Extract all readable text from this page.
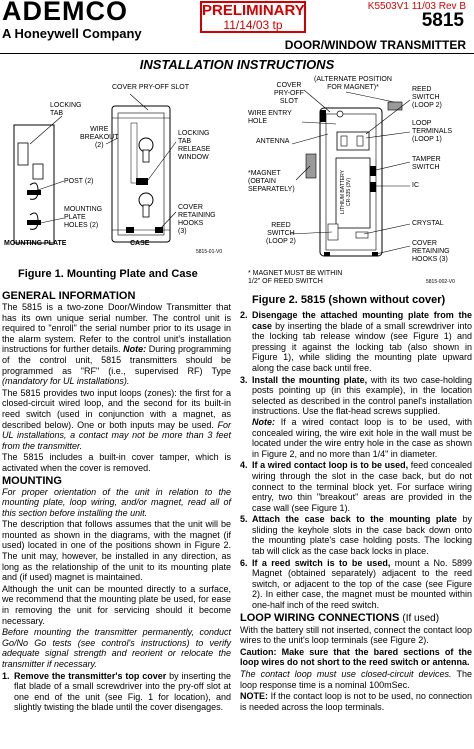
ADEMCO
A Honeywell Company
PRELIMINARY
11/14/03 tp
K5503V1 11/03 Rev B
5815
DOOR/WINDOW TRANSMITTER
INSTALLATION INSTRUCTIONS
COVER PRY-OFF SLOT
LOCKING
TAB
WIRE
BREAKOUT
(2)
LOCKING
TAB
RELEASE
WINDOW
POST (2)
MOUNTING
PLATE
HOLES (2)
COVER
RETAINING
HOOKS
(3)
MOUNTING PLATE	CASE
5815-01-V0
Figure 1. Mounting Plate and Case
LITHIUM BATTERY
CR-335 (3V)
(ALTERNATE POSITION
FOR MAGNET)*
COVER
PRY-OFF
SLOT
WIRE ENTRY
HOLE
ANTENNA
*MAGNET
(OBTAIN
SEPARATELY)
REED
SWITCH
(LOOP 2)
REED
SWITCH
(LOOP 2)
LOOP
TERMINALS
(LOOP 1)
TAMPER
SWITCH
IC
CRYSTAL
COVER
RETAINING
HOOKS (3)
* MAGNET MUST BE WITHIN
1/2" OF REED SWITCH	5815-002-V0
Figure 2. 5815 (shown without cover)
GENERAL INFORMATION

The 5815 is a two-zone Door/Window Transmitter that has its own unique serial number. The control unit is required to "enroll" the serial number prior to its usage in the alarm system. Refer to the control unit's installation instructions for further details. Note: During programming of the control unit, 5815 transmitters should be programmed as "RF" (i.e., supervised RF) Type (mandatory for UL installations).

The 5815 provides two input loops (zones): the first for a closed-circuit wired loop, and the second for its built-in reed switch (used in conjunction with a magnet, as described below). One or both inputs may be used. For UL installations, a contact may not be more than 3 feet from the transmitter.

The 5815 includes a built-in cover tamper, which is activated when the cover is removed.

MOUNTING

For proper orientation of the unit in relation to the mounting plate, loop wiring, and/or magnet, read all of this section before installing the unit.

The description that follows assumes that the unit will be mounted as shown in the diagrams, with the magnet (if used) located in one of the positions shown in Figure 2. The unit may, however, be installed in any direction, as long as the relationship of the unit to its mounting plate and (if used) magnet is maintained.

Although the unit can be mounted directly to a surface, we recommend that the mounting plate be used, for ease in removing the unit for servicing should it become necessary.

Before mounting the transmitter permanently, conduct Go/No Go tests (see control's instructions) to verify adequate signal strength and reorient or relocate the transmitter if necessary.

1. Remove the transmitter's top cover by inserting the flat blade of a small screwdriver into the pry-off slot at one end of the unit (see Fig. 1 for location), and slightly twisting the blade until the cover disengages.
2. Disengage the attached mounting plate from the case by inserting the blade of a small screwdriver into the locking tab release window (see Figure 1) and pressing it against the locking tab (also shown in Figure 1), while sliding the mounting plate upward along the case back until free.
3. Install the mounting plate, with its two case-holding posts pointing up (in this example), in the location selected as described in the control panel's installation instructions. Use the flat-head screws supplied.
Note: If a wired contact loop is to be used, with concealed wiring, the wire exit hole in the wall must be located under the wire entry hole in the case as shown in Figure 2, and no more than 1/4" in diameter.
4. If a wired contact loop is to be used, feed concealed wiring through the slot in the case back, but do not connect to the terminal block yet. For surface wiring entry, two thin "breakout" areas are provided in the case wall (see Figure 1).
5. Attach the case back to the mounting plate by sliding the keyhole slots in the case back down onto the mounting plate's case holding posts. The locking tab will click as the case back locks in place.
6. If a reed switch is to be used, mount a No. 5899 Magnet (obtained separately) adjacent to the reed switch, or adjacent to the top of the case (see Figure 2). In either case, the magnet must be mounted within one-half inch of the reed switch.
LOOP WIRING CONNECTIONS (If used)

With the battery still not inserted, connect the contact loop wires to the unit's loop terminals (see Figure 2).

Caution: Make sure that the bared sections of the loop wires do not short to the reed switch or antenna.

The contact loop must use closed-circuit devices. The loop response time is a nominal 100mSec.

NOTE: If the contact loop is not to be used, no connection is needed across the loop terminals.
